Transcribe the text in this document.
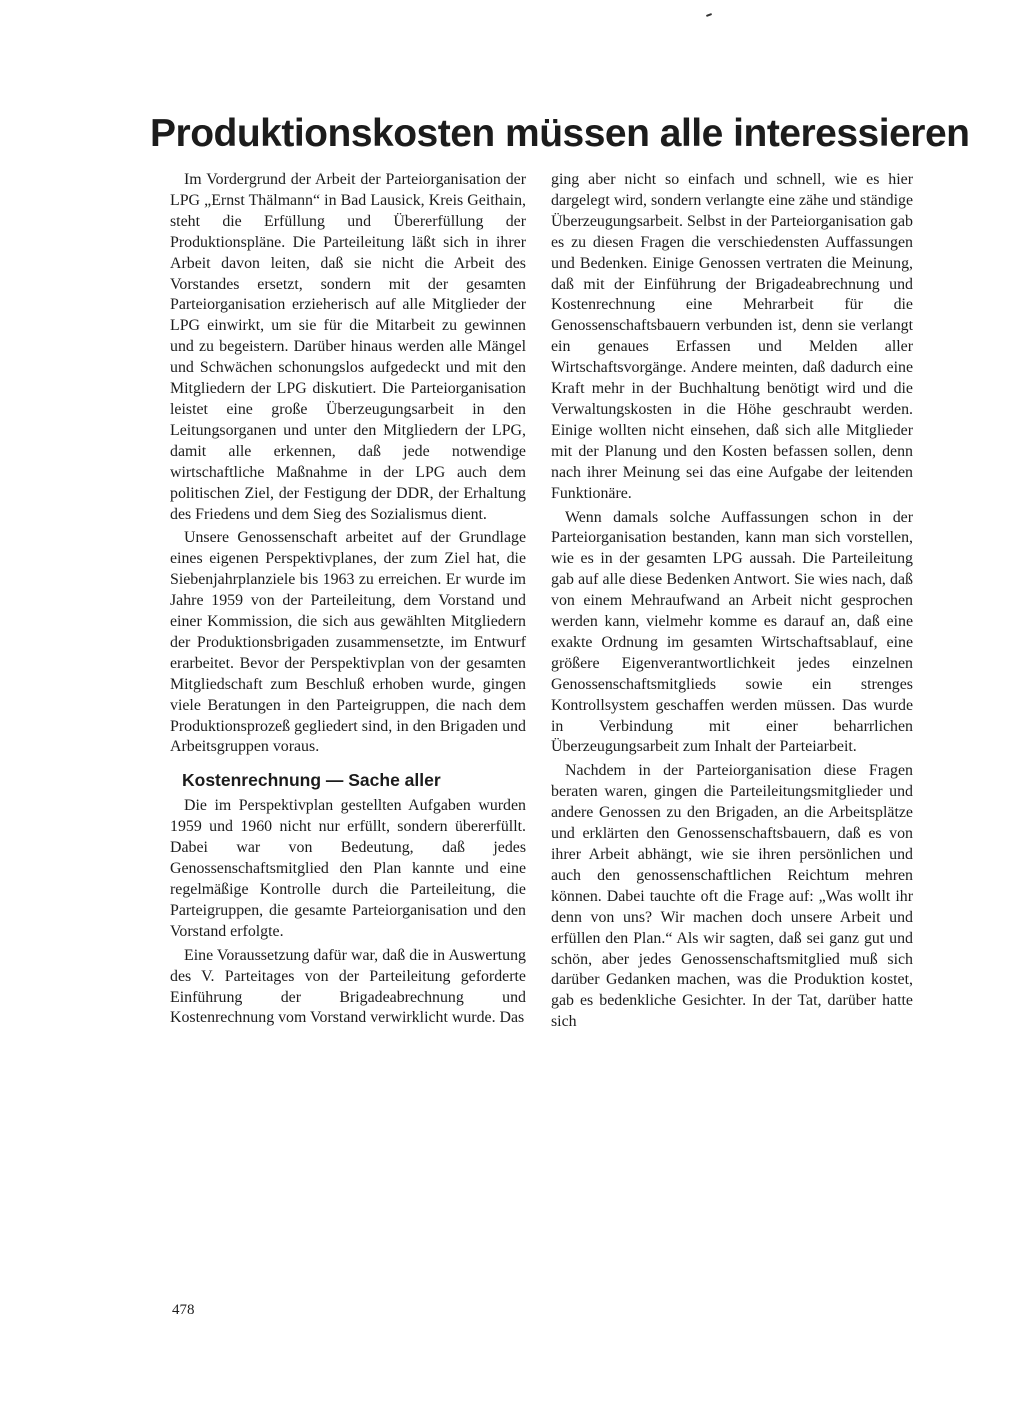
Produktionskosten müssen alle interessieren

Im Vordergrund der Arbeit der Parteiorganisation der LPG „Ernst Thälmann“ in Bad Lausick, Kreis Geithain, steht die Erfüllung und Übererfüllung der Produktionspläne. Die Parteileitung läßt sich in ihrer Arbeit davon leiten, daß sie nicht die Arbeit des Vorstandes ersetzt, sondern mit der gesamten Parteiorganisation erzieherisch auf alle Mitglieder der LPG einwirkt, um sie für die Mitarbeit zu gewinnen und zu begeistern. Darüber hinaus werden alle Mängel und Schwächen schonungslos aufgedeckt und mit den Mitgliedern der LPG diskutiert. Die Parteiorganisation leistet eine große Überzeugungsarbeit in den Leitungsorganen und unter den Mitgliedern der LPG, damit alle erkennen, daß jede notwendige wirtschaftliche Maßnahme in der LPG auch dem politischen Ziel, der Festigung der DDR, der Erhaltung des Friedens und dem Sieg des Sozialismus dient.

Unsere Genossenschaft arbeitet auf der Grundlage eines eigenen Perspektivplanes, der zum Ziel hat, die Siebenjahrplanziele bis 1963 zu erreichen. Er wurde im Jahre 1959 von der Parteileitung, dem Vorstand und einer Kommission, die sich aus gewählten Mitgliedern der Produktionsbrigaden zusammensetzte, im Entwurf erarbeitet. Bevor der Perspektivplan von der gesamten Mitgliedschaft zum Beschluß erhoben wurde, gingen viele Beratungen in den Parteigruppen, die nach dem Produktionsprozeß gegliedert sind, in den Brigaden und Arbeitsgruppen voraus.

Kostenrechnung — Sache aller

Die im Perspektivplan gestellten Aufgaben wurden 1959 und 1960 nicht nur erfüllt, sondern übererfüllt. Dabei war von Bedeutung, daß jedes Genossenschaftsmitglied den Plan kannte und eine regelmäßige Kontrolle durch die Parteileitung, die Parteigruppen, die gesamte Parteiorganisation und den Vorstand erfolgte.

Eine Voraussetzung dafür war, daß die in Auswertung des V. Parteitages von der Parteileitung geforderte Einführung der Brigadeabrechnung und Kostenrechnung vom Vorstand verwirklicht wurde. Das

ging aber nicht so einfach und schnell, wie es hier dargelegt wird, sondern verlangte eine zähe und ständige Überzeugungsarbeit. Selbst in der Parteiorganisation gab es zu diesen Fragen die verschiedensten Auffassungen und Bedenken. Einige Genossen vertraten die Meinung, daß mit der Einführung der Brigadeabrechnung und Kostenrechnung eine Mehrarbeit für die Genossenschaftsbauern verbunden ist, denn sie verlangt ein genaues Erfassen und Melden aller Wirtschaftsvorgänge. Andere meinten, daß dadurch eine Kraft mehr in der Buchhaltung benötigt wird und die Verwaltungskosten in die Höhe geschraubt werden. Einige wollten nicht einsehen, daß sich alle Mitglieder mit der Planung und den Kosten befassen sollen, denn nach ihrer Meinung sei das eine Aufgabe der leitenden Funktionäre.

Wenn damals solche Auffassungen schon in der Parteiorganisation bestanden, kann man sich vorstellen, wie es in der gesamten LPG aussah. Die Parteileitung gab auf alle diese Bedenken Antwort. Sie wies nach, daß von einem Mehraufwand an Arbeit nicht gesprochen werden kann, vielmehr komme es darauf an, daß eine exakte Ordnung im gesamten Wirtschaftsablauf, eine größere Eigenverantwortlichkeit jedes einzelnen Genossenschaftsmitglieds sowie ein strenges Kontrollsystem geschaffen werden müssen. Das wurde in Verbindung mit einer beharrlichen Überzeugungsarbeit zum Inhalt der Parteiarbeit.

Nachdem in der Parteiorganisation diese Fragen beraten waren, gingen die Parteileitungsmitglieder und andere Genossen zu den Brigaden, an die Arbeitsplätze und erklärten den Genossenschaftsbauern, daß es von ihrer Arbeit abhängt, wie sie ihren persönlichen und auch den genossenschaftlichen Reichtum mehren können. Dabei tauchte oft die Frage auf: „Was wollt ihr denn von uns? Wir machen doch unsere Arbeit und erfüllen den Plan.“ Als wir sagten, daß sei ganz gut und schön, aber jedes Genossenschaftsmitglied muß sich darüber Gedanken machen, was die Produktion kostet, gab es bedenkliche Gesichter. In der Tat, darüber hatte sich

478
